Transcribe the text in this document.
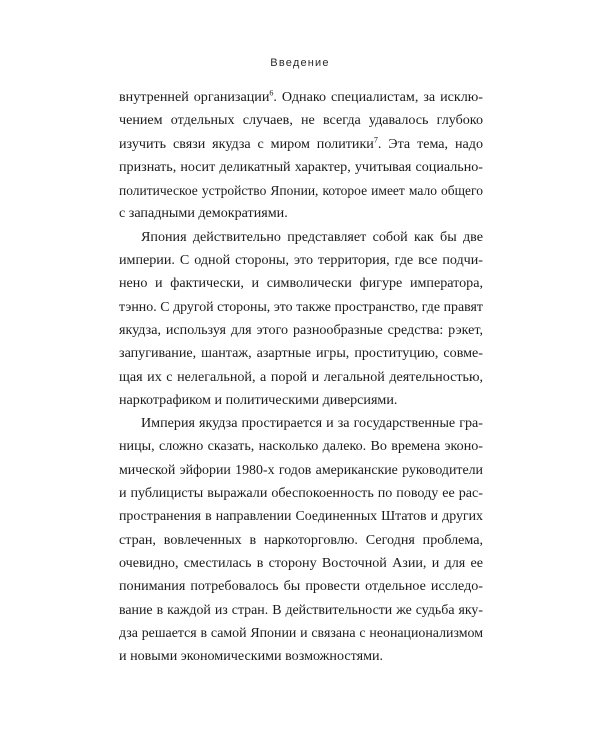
Введение
внутренней организации$^6$. Однако специалистам, за исклю-
чением отдельных случаев, не всегда удавалось глубоко
изучить связи якудза с миром политики$^7$. Эта тема, надо
признать, носит деликатный характер, учитывая социально-
политическое устройство Японии, которое имеет мало общего
с западными демократиями.
Япония действительно представляет собой как бы две
империи. С одной стороны, это территория, где все подчи-
нено и фактически, и символически фигуре императора,
тэнно. С другой стороны, это также пространство, где правят
якудза, используя для этого разнообразные средства: рэкет,
запугивание, шантаж, азартные игры, проституцию, совме-
щая их с нелегальной, а порой и легальной деятельностью,
наркотрафиком и политическими диверсиями.
Империя якудза простирается и за государственные гра-
ницы, сложно сказать, насколько далеко. Во времена эконо-
мической эйфории 1980-х годов американские руководители
и публицисты выражали обеспокоенность по поводу ее рас-
пространения в направлении Соединенных Штатов и других
стран, вовлеченных в наркоторговлю. Сегодня проблема,
очевидно, сместилась в сторону Восточной Азии, и для ее
понимания потребовалось бы провести отдельное исследо-
вание в каждой из стран. В действительности же судьба яку-
дза решается в самой Японии и связана с неонационализмом
и новыми экономическими возможностями.
